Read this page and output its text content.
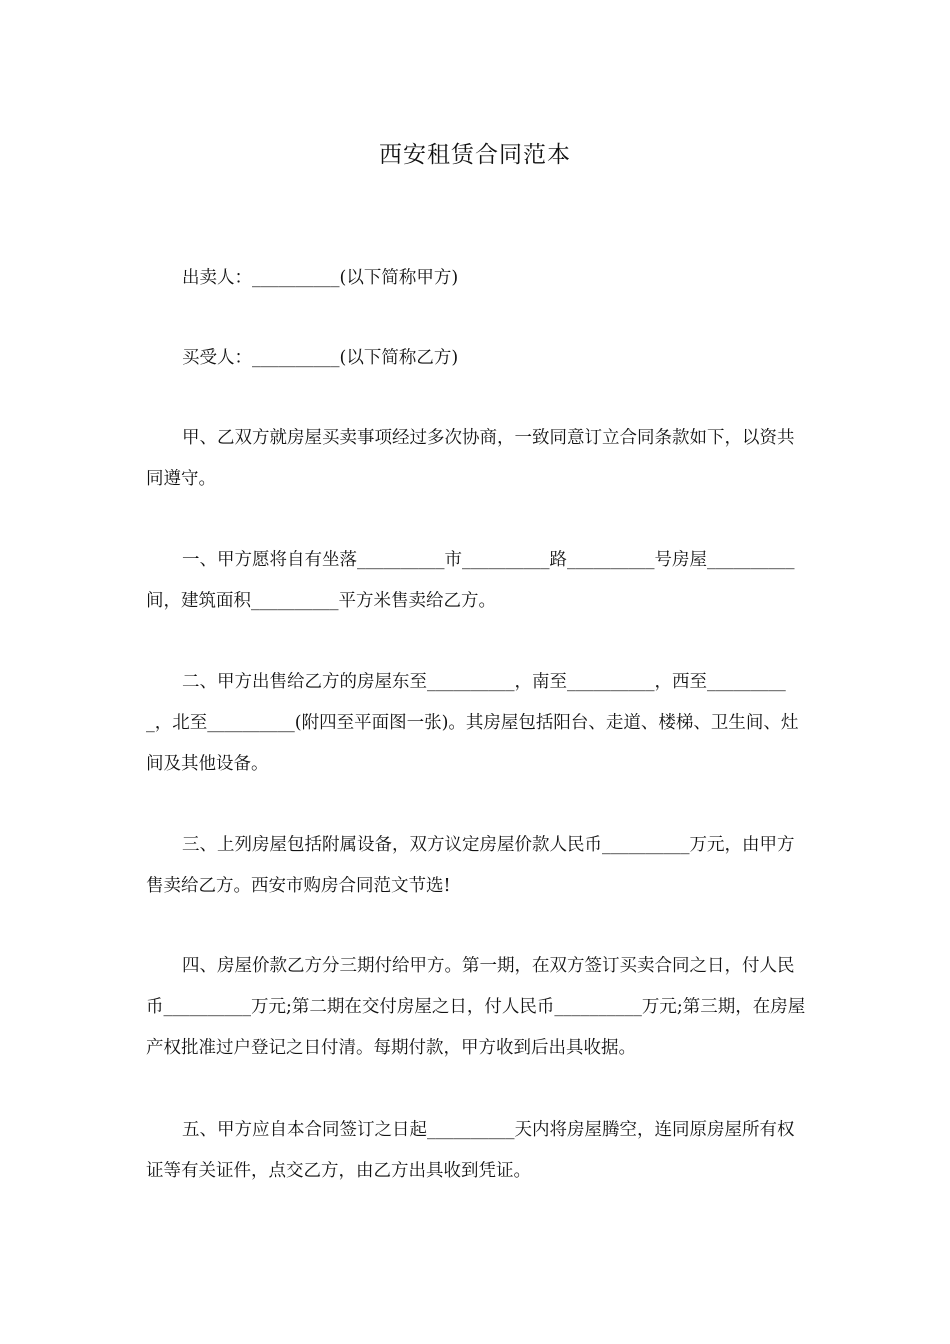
西安租赁合同范本
出卖人：__________(以下简称甲方)
买受人：__________(以下简称乙方)
甲、乙双方就房屋买卖事项经过多次协商，一致同意订立合同条款如下，以资共同遵守。
一、甲方愿将自有坐落__________市__________路__________号房屋__________间，建筑面积__________平方米售卖给乙方。
二、甲方出售给乙方的房屋东至__________，南至__________，西至__________，北至__________(附四至平面图一张)。其房屋包括阳台、走道、楼梯、卫生间、灶间及其他设备。
三、上列房屋包括附属设备，双方议定房屋价款人民币__________万元，由甲方售卖给乙方。西安市购房合同范文节选!
四、房屋价款乙方分三期付给甲方。第一期，在双方签订买卖合同之日，付人民币__________万元;第二期在交付房屋之日，付人民币__________万元;第三期，在房屋产权批准过户登记之日付清。每期付款，甲方收到后出具收据。
五、甲方应自本合同签订之日起__________天内将房屋腾空，连同原房屋所有权证等有关证件，点交乙方，由乙方出具收到凭证。
